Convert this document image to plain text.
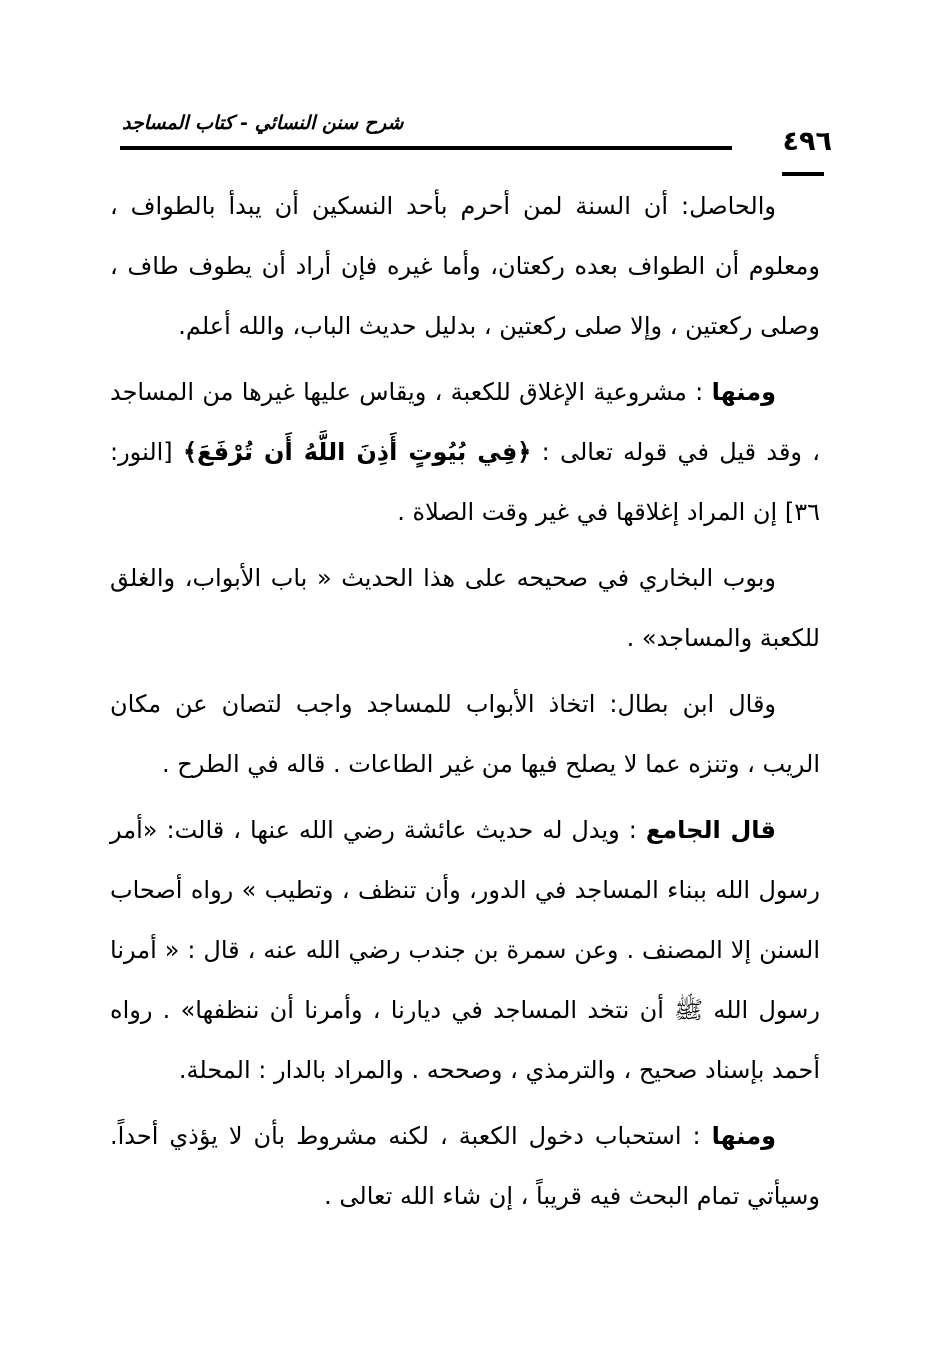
شرح سنن النسائي - كتاب المساجد
٤٩٦

والحاصل: أن السنة لمن أحرم بأحد النسكين أن يبدأ بالطواف ، ومعلوم أن الطواف بعده ركعتان، وأما غيره فإن أراد أن يطوف طاف ، وصلى ركعتين ، وإلا صلى ركعتين ، بدليل حديث الباب، والله أعلم.

ومنها : مشروعية الإغلاق للكعبة ، ويقاس عليها غيرها من المساجد ، وقد قيل في قوله تعالى : ﴿فِي بُيُوتٍ أَذِنَ اللَّهُ أَن تُرْفَعَ﴾ [النور: ٣٦] إن المراد إغلاقها في غير وقت الصلاة .

وبوب البخاري في صحيحه على هذا الحديث « باب الأبواب، والغلق للكعبة والمساجد» .

وقال ابن بطال: اتخاذ الأبواب للمساجد واجب لتصان عن مكان الريب ، وتنزه عما لا يصلح فيها من غير الطاعات . قاله في الطرح .

قال الجامع : ويدل له حديث عائشة رضي الله عنها ، قالت: «أمر رسول الله ببناء المساجد في الدور، وأن تنظف ، وتطيب » رواه أصحاب السنن إلا المصنف . وعن سمرة بن جندب رضي الله عنه ، قال : « أمرنا رسول الله ﷺ أن نتخد المساجد في ديارنا ، وأمرنا أن ننظفها» . رواه أحمد بإسناد صحيح ، والترمذي ، وصححه . والمراد بالدار : المحلة.

ومنها : استحباب دخول الكعبة ، لكنه مشروط بأن لا يؤذي أحداً. وسيأتي تمام البحث فيه قريباً ، إن شاء الله تعالى .
